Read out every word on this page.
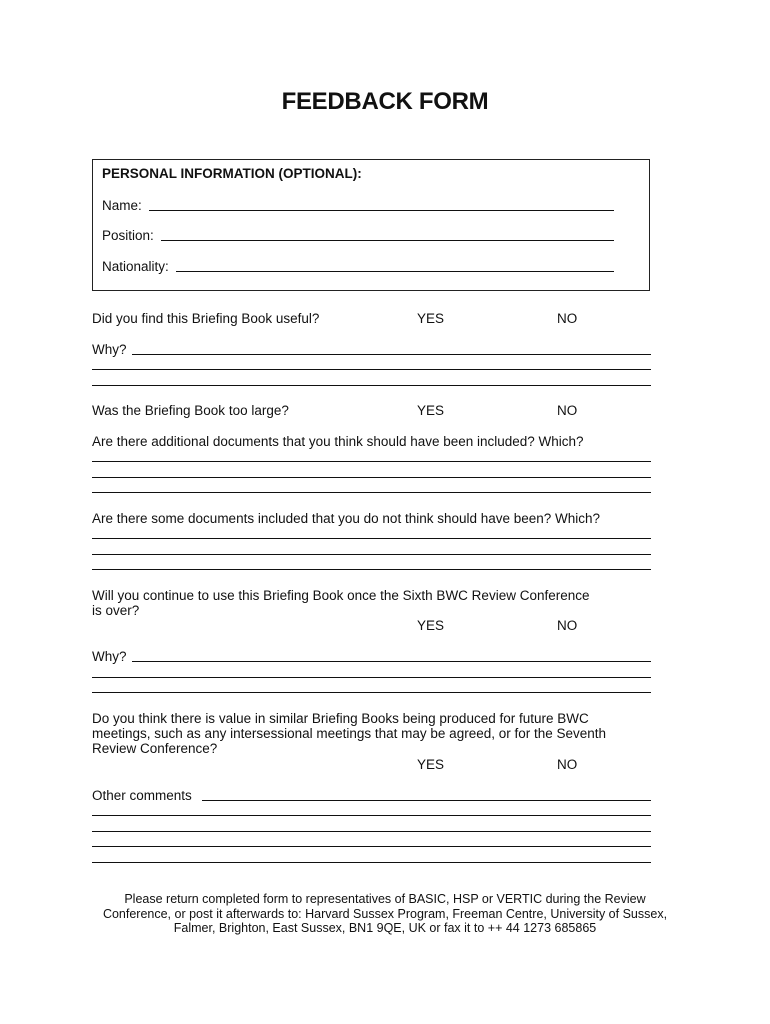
FEEDBACK FORM
PERSONAL INFORMATION (OPTIONAL):
Name:
Position:
Nationality:
Did you find this Briefing Book useful?	YES	NO
Why?
Was the Briefing Book too large?	YES	NO
Are there additional documents that you think should have been included? Which?
Are there some documents included that you do not think should have been? Which?
Will you continue to use this Briefing Book once the Sixth BWC Review Conference
is over?
YES	NO
Why?
Do you think there is value in similar Briefing Books being produced for future BWC
meetings, such as any intersessional meetings that may be agreed, or for the Seventh
Review Conference?
YES	NO
Other comments
Please return completed form to representatives of BASIC, HSP or VERTIC during the Review
Conference, or post it afterwards to: Harvard Sussex Program, Freeman Centre, University of Sussex,
Falmer, Brighton, East Sussex, BN1 9QE, UK or fax it to ++ 44 1273 685865
